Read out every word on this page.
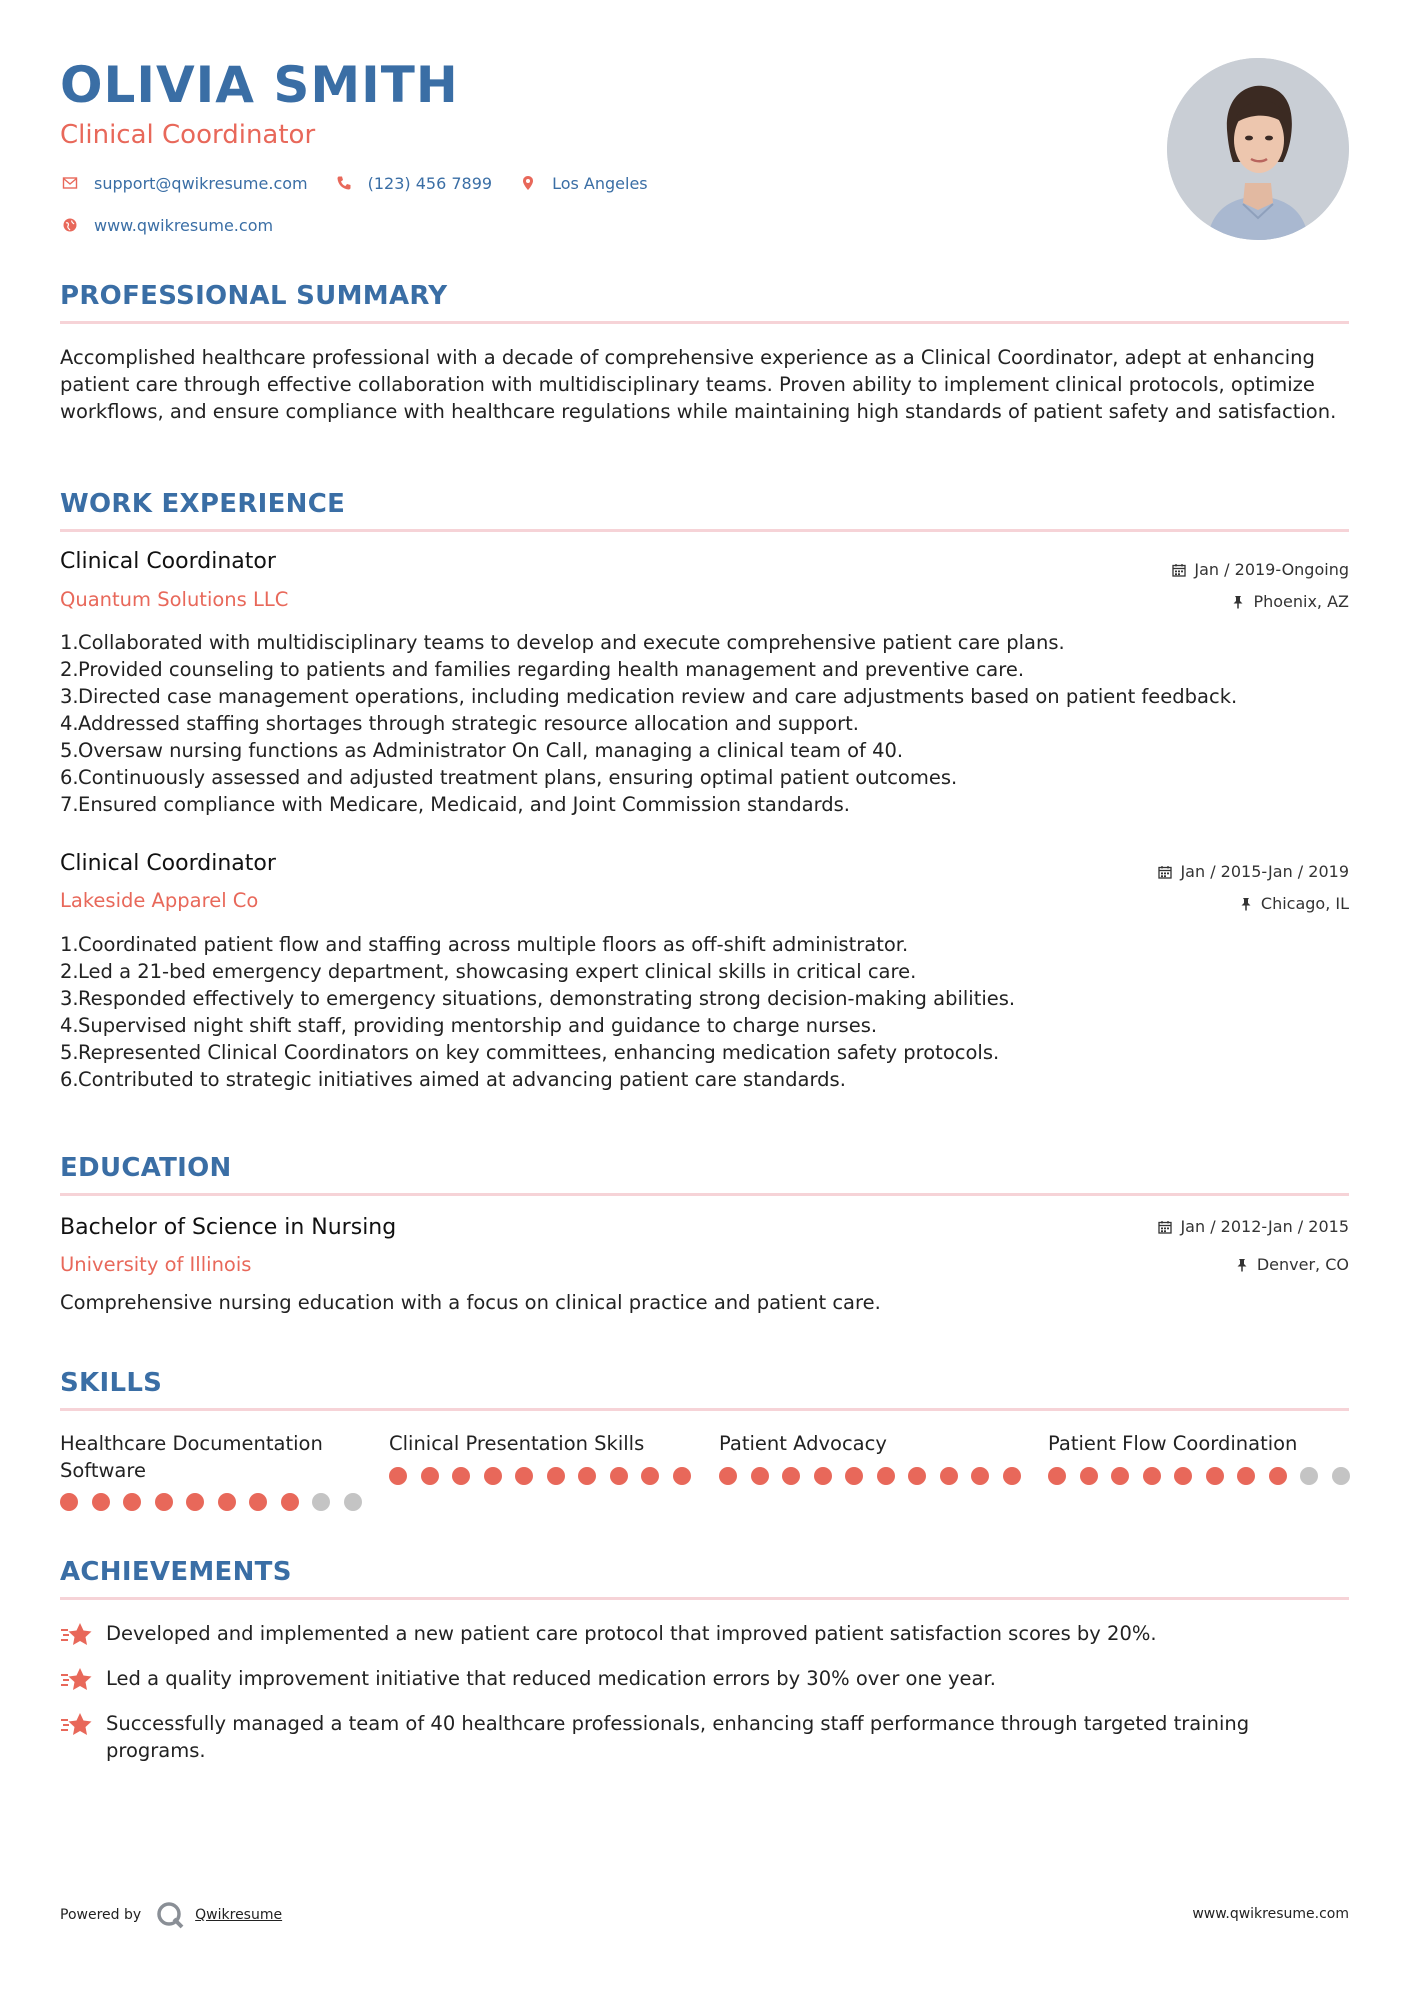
OLIVIA SMITH
Clinical Coordinator
support@qwikresume.com	(123) 456 7899	Los Angeles
www.qwikresume.com
PROFESSIONAL SUMMARY
Accomplished healthcare professional with a decade of comprehensive experience as a Clinical Coordinator, adept at enhancing patient care through effective collaboration with multidisciplinary teams. Proven ability to implement clinical protocols, optimize workflows, and ensure compliance with healthcare regulations while maintaining high standards of patient safety and satisfaction.
WORK EXPERIENCE
Clinical Coordinator	Jan / 2019-Ongoing
Quantum Solutions LLC	Phoenix, AZ
1. Collaborated with multidisciplinary teams to develop and execute comprehensive patient care plans.
2. Provided counseling to patients and families regarding health management and preventive care.
3. Directed case management operations, including medication review and care adjustments based on patient feedback.
4. Addressed staffing shortages through strategic resource allocation and support.
5. Oversaw nursing functions as Administrator On Call, managing a clinical team of 40.
6. Continuously assessed and adjusted treatment plans, ensuring optimal patient outcomes.
7. Ensured compliance with Medicare, Medicaid, and Joint Commission standards.
Clinical Coordinator	Jan / 2015-Jan / 2019
Lakeside Apparel Co	Chicago, IL
1. Coordinated patient flow and staffing across multiple floors as off-shift administrator.
2. Led a 21-bed emergency department, showcasing expert clinical skills in critical care.
3. Responded effectively to emergency situations, demonstrating strong decision-making abilities.
4. Supervised night shift staff, providing mentorship and guidance to charge nurses.
5. Represented Clinical Coordinators on key committees, enhancing medication safety protocols.
6. Contributed to strategic initiatives aimed at advancing patient care standards.
EDUCATION
Bachelor of Science in Nursing	Jan / 2012-Jan / 2015
University of Illinois	Denver, CO
Comprehensive nursing education with a focus on clinical practice and patient care.
SKILLS
Healthcare Documentation Software
Clinical Presentation Skills	Patient Advocacy	Patient Flow Coordination
ACHIEVEMENTS
Developed and implemented a new patient care protocol that improved patient satisfaction scores by 20%.
Led a quality improvement initiative that reduced medication errors by 30% over one year.
Successfully managed a team of 40 healthcare professionals, enhancing staff performance through targeted training programs.
Powered by	Qwikresume	www.qwikresume.com
